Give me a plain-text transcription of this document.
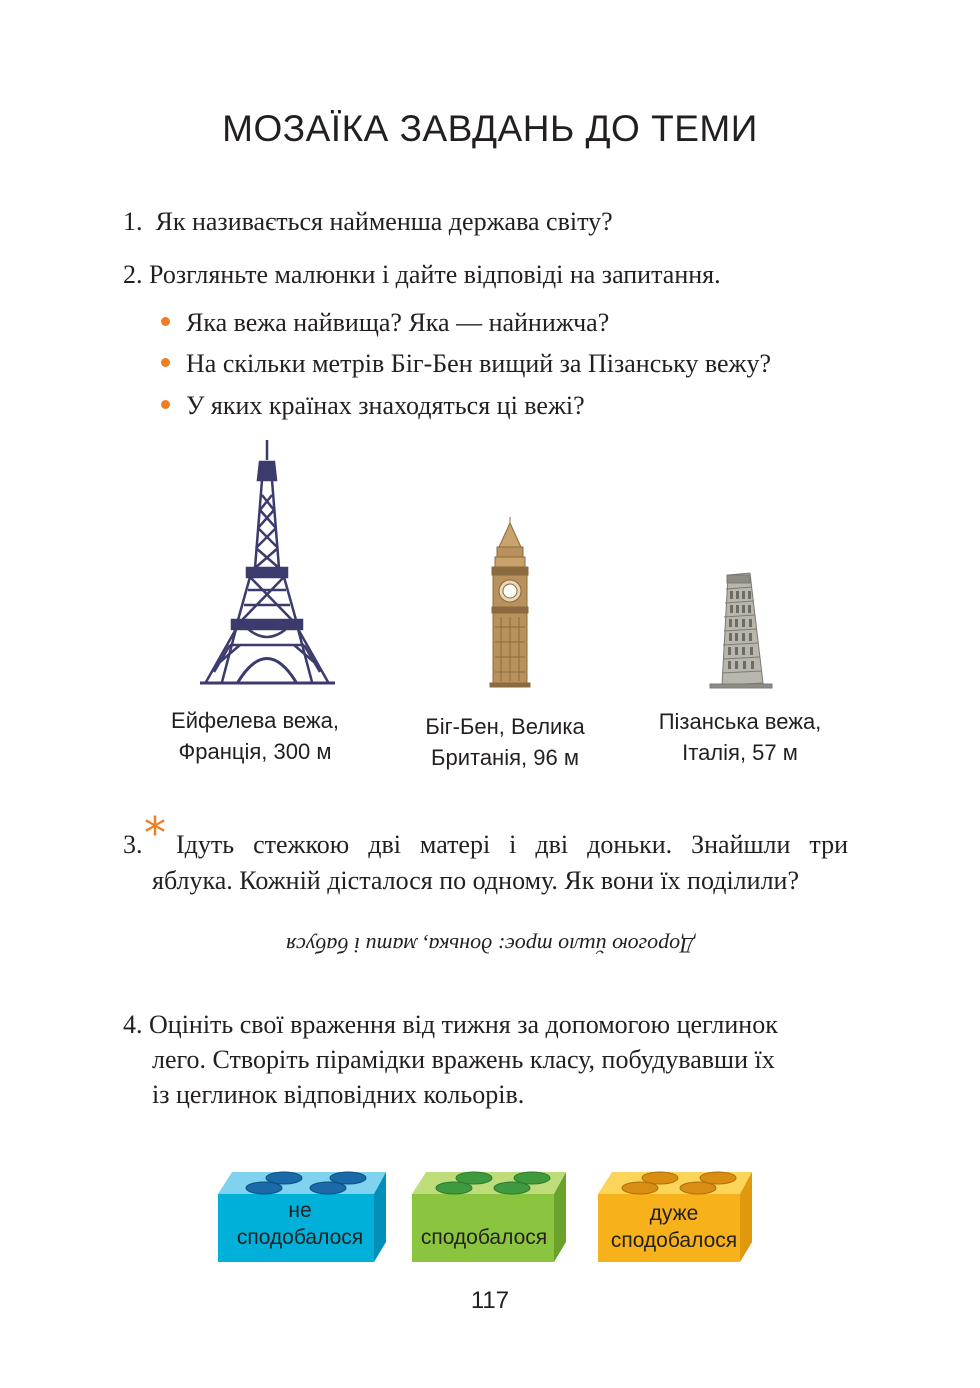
МОЗАЇКА ЗАВДАНЬ ДО ТЕМИ
1. Як називається найменша держава світу?
2. Розгляньте малюнки і дайте відповіді на запитання.
Яка вежа найвища? Яка — найнижча?
На скільки метрів Біг-Бен вищий за Пізанську вежу?
У яких країнах знаходяться ці вежі?
Ейфелева вежа,
Франція, 300 м
Біг-Бен, Велика
Британія, 96 м
Пізанська вежа,
Італія, 57 м
3. * Ідуть стежкою дві матері і дві доньки. Знайшли три
яблука. Кожній дісталося по одному. Як вони їх поділили?
Дорогою йшло троє: донька, мати і бабуся
4. Оцініть свої враження від тижня за допомогою цеглинок
лего. Створіть пірамідки вражень класу, побудувавши їх
із цеглинок відповідних кольорів.
не
сподобалося	сподобалося
дуже
сподобалося
117
